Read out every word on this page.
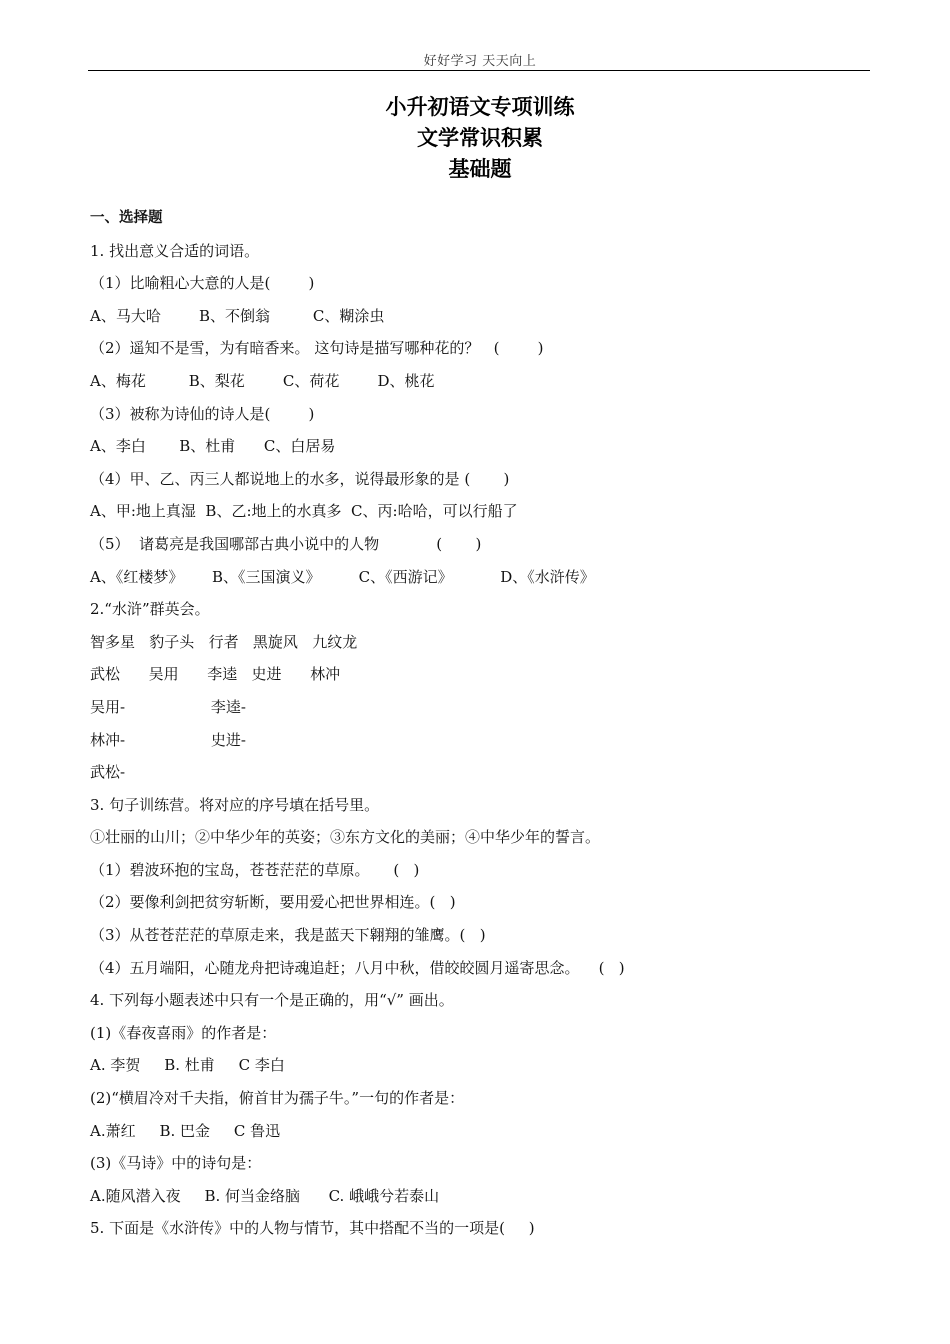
好好学习 天天向上
小升初语文专项训练
文学常识积累
基础题
一、选择题
1. 找出意义合适的词语。
（1）比喻粗心大意的人是(        )
A、马大哈        B、不倒翁         C、糊涂虫
（2）遥知不是雪，为有暗香来。 这句诗是描写哪种花的？   (        )
A、梅花         B、梨花        C、荷花        D、桃花
（3）被称为诗仙的诗人是(        )
A、李白       B、杜甫      C、白居易
（4）甲、乙、丙三人都说地上的水多，说得最形象的是 (       )
A、甲:地上真湿  B、乙:地上的水真多  C、丙:哈哈，可以行船了
（5）  诸葛亮是我国哪部古典小说中的人物            (       )
A、《红楼梦》      B、《三国演义》        C、《西游记》          D、《水浒传》
2.“水浒”群英会。
智多星   豹子头   行者   黑旋风   九纹龙
武松      吴用      李逵   史进      林冲
吴用-                  李逵-
林冲-                  史进-
武松-
3. 句子训练营。将对应的序号填在括号里。
①壮丽的山川；②中华少年的英姿；③东方文化的美丽；④中华少年的誓言。
（1）碧波环抱的宝岛，苍苍茫茫的草原。     (   )
（2）要像利剑把贫穷斩断，要用爱心把世界相连。(   )
（3）从苍苍茫茫的草原走来，我是蓝天下翱翔的雏鹰。(   )
（4）五月端阳，心随龙舟把诗魂追赶；八月中秋，借皎皎圆月遥寄思念。    (   )
4. 下列每小题表述中只有一个是正确的，用“√” 画出。
(1)《春夜喜雨》的作者是：
A. 李贺     B. 杜甫     C 李白
(2)“横眉冷对千夫指，俯首甘为孺子牛。”一句的作者是：
A.萧红     B. 巴金     C 鲁迅
(3)《马诗》中的诗句是：
A.随风潜入夜     B. 何当金络脑      C. 峨峨兮若泰山
5. 下面是《水浒传》中的人物与情节，其中搭配不当的一项是(     )
